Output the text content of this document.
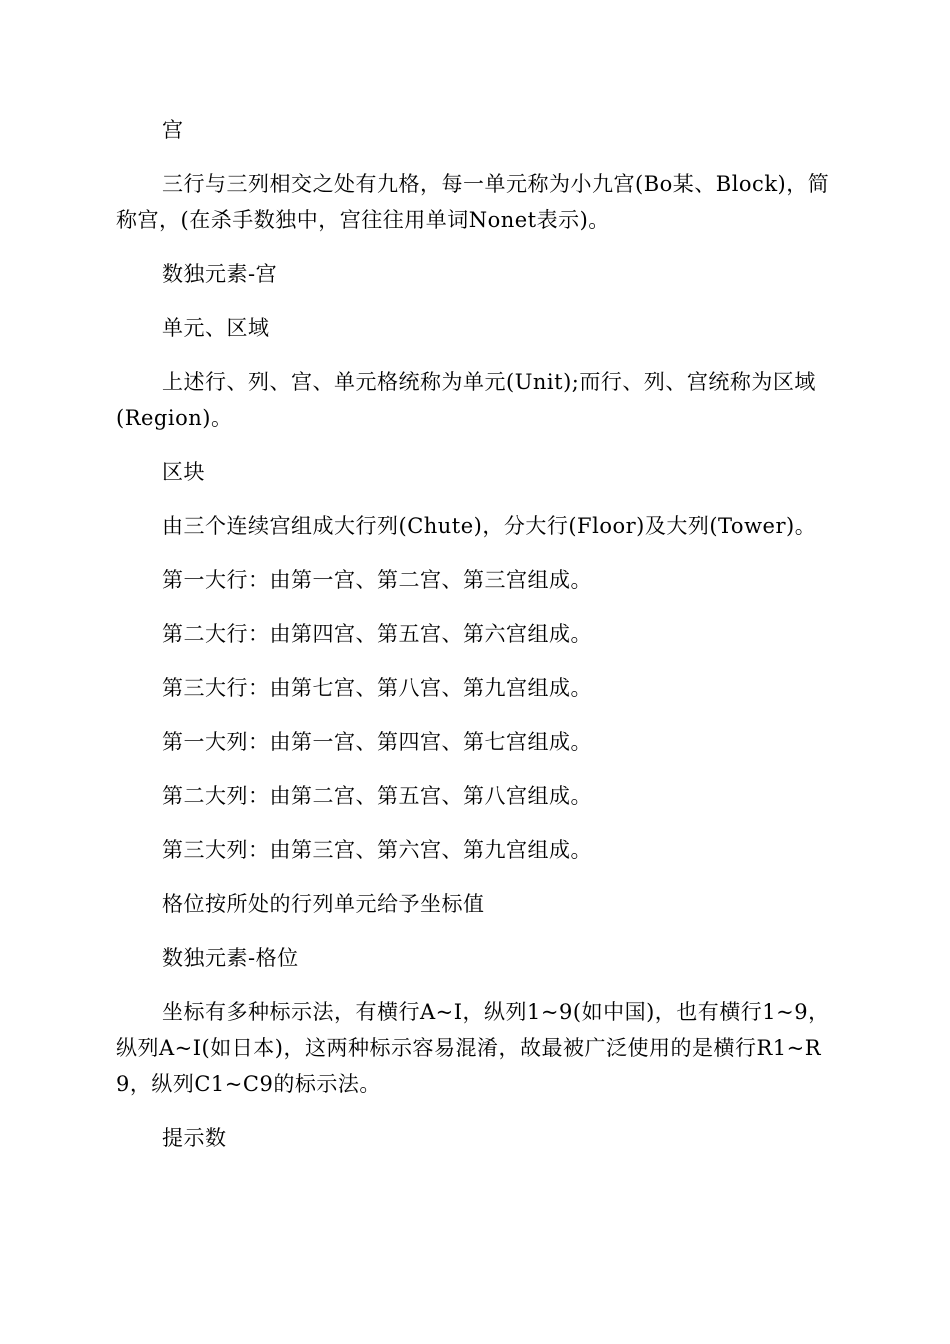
宫

三行与三列相交之处有九格，每一单元称为小九宫(Bo某、Block)，简称宫，(在杀手数独中，宫往往用单词Nonet表示)。

数独元素-宫

单元、区域

上述行、列、宫、单元格统称为单元(Unit);而行、列、宫统称为区域(Region)。

区块

由三个连续宫组成大行列(Chute)，分大行(Floor)及大列(Tower)。

第一大行：由第一宫、第二宫、第三宫组成。

第二大行：由第四宫、第五宫、第六宫组成。

第三大行：由第七宫、第八宫、第九宫组成。

第一大列：由第一宫、第四宫、第七宫组成。

第二大列：由第二宫、第五宫、第八宫组成。

第三大列：由第三宫、第六宫、第九宫组成。

格位按所处的行列单元给予坐标值

数独元素-格位

坐标有多种标示法，有横行A~I，纵列1~9(如中国)，也有横行1~9，纵列A~I(如日本)，这两种标示容易混淆，故最被广泛使用的是横行R1~R9，纵列C1~C9的标示法。

提示数
